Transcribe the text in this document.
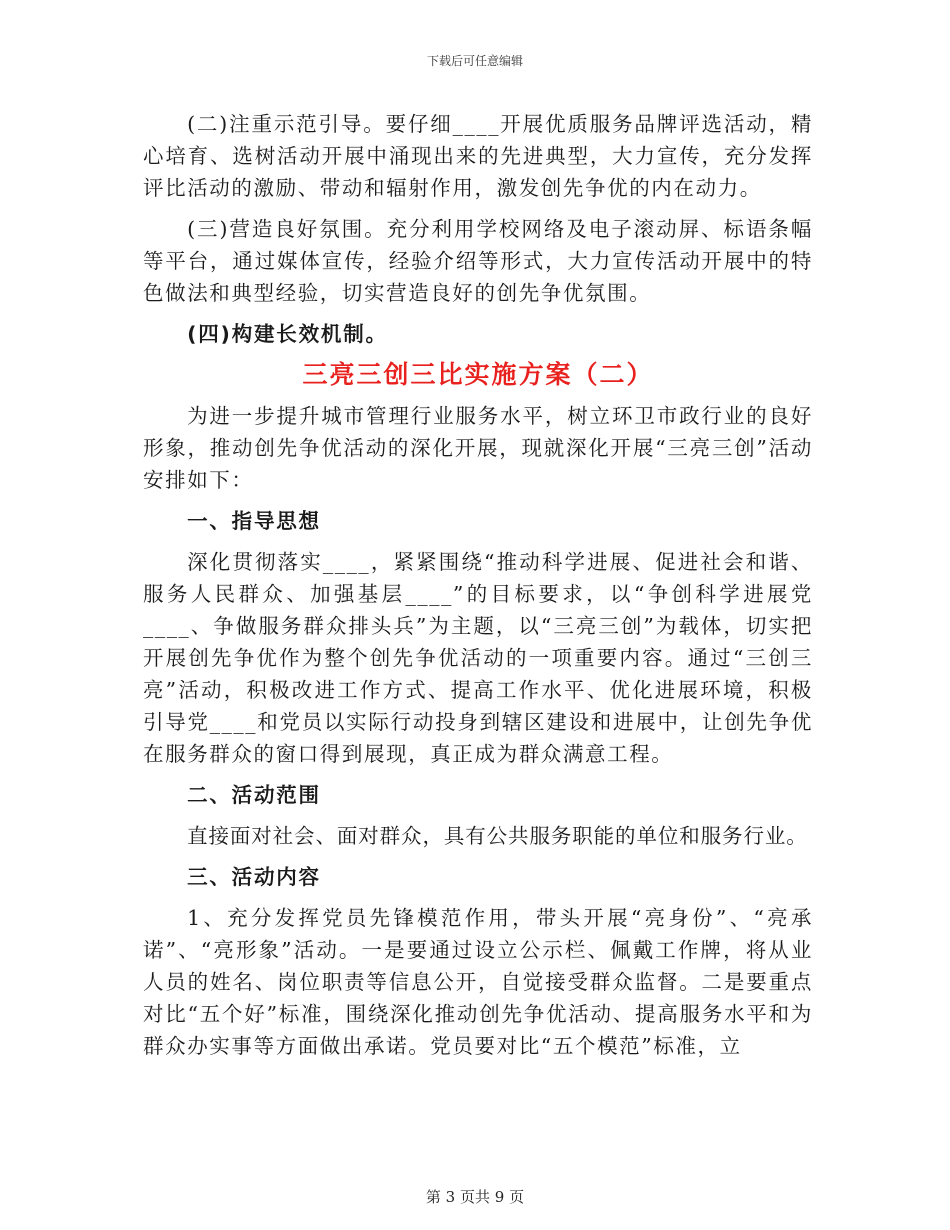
下载后可任意编辑

(二)注重示范引导。要仔细____开展优质服务品牌评选活动，精心培育、选树活动开展中涌现出来的先进典型，大力宣传，充分发挥评比活动的激励、带动和辐射作用，激发创先争优的内在动力。

(三)营造良好氛围。充分利用学校网络及电子滚动屏、标语条幅等平台，通过媒体宣传，经验介绍等形式，大力宣传活动开展中的特色做法和典型经验，切实营造良好的创先争优氛围。

(四)构建长效机制。

三亮三创三比实施方案（二）

为进一步提升城市管理行业服务水平，树立环卫市政行业的良好形象，推动创先争优活动的深化开展，现就深化开展“三亮三创”活动安排如下：

一、指导思想

深化贯彻落实____，紧紧围绕“推动科学进展、促进社会和谐、服务人民群众、加强基层____”的目标要求，以“争创科学进展党____、争做服务群众排头兵”为主题，以“三亮三创”为载体，切实把开展创先争优作为整个创先争优活动的一项重要内容。通过“三创三亮”活动，积极改进工作方式、提高工作水平、优化进展环境，积极引导党____和党员以实际行动投身到辖区建设和进展中，让创先争优在服务群众的窗口得到展现，真正成为群众满意工程。

二、活动范围

直接面对社会、面对群众，具有公共服务职能的单位和服务行业。

三、活动内容

1、充分发挥党员先锋模范作用，带头开展“亮身份”、“亮承诺”、“亮形象”活动。一是要通过设立公示栏、佩戴工作牌，将从业人员的姓名、岗位职责等信息公开，自觉接受群众监督。二是要重点对比“五个好”标准，围绕深化推动创先争优活动、提高服务水平和为群众办实事等方面做出承诺。党员要对比“五个模范”标准，立

第 3 页共 9 页
